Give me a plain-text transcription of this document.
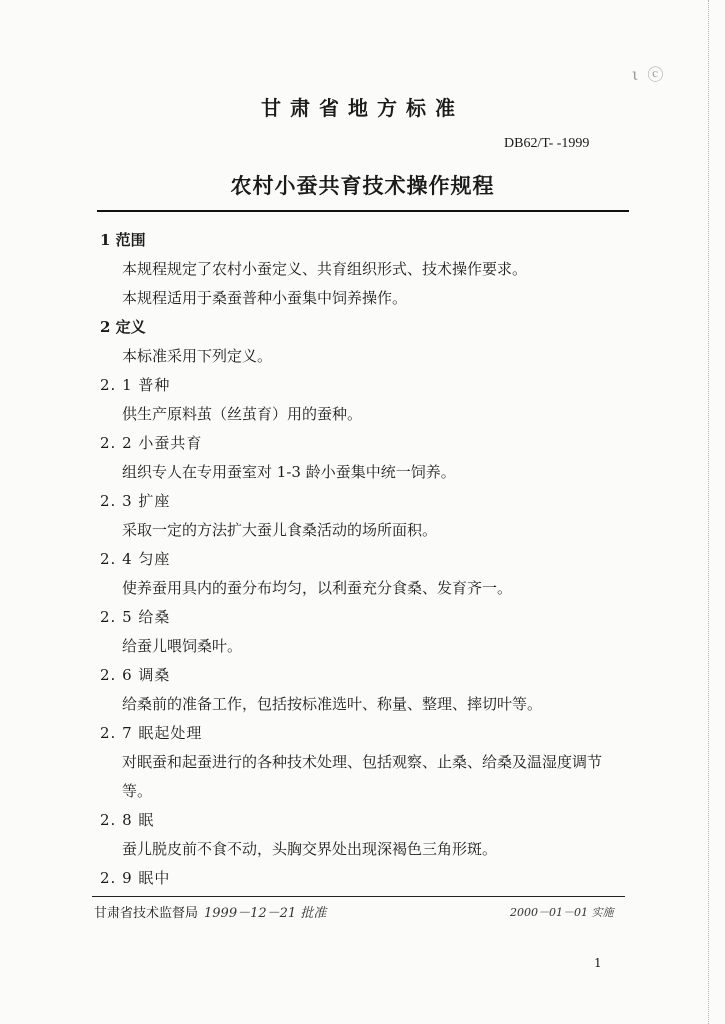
ι ⓒ
甘肃省地方标准
DB62/T- -1999
农村小蚕共育技术操作规程
1 范围
本规程规定了农村小蚕定义、共育组织形式、技术操作要求。
本规程适用于桑蚕普种小蚕集中饲养操作。
2 定义
本标准采用下列定义。
2. 1 普种
供生产原料茧（丝茧育）用的蚕种。
2. 2 小蚕共育
组织专人在专用蚕室对 1-3 龄小蚕集中统一饲养。
2. 3 扩座
采取一定的方法扩大蚕儿食桑活动的场所面积。
2. 4 匀座
使养蚕用具内的蚕分布均匀，以利蚕充分食桑、发育齐一。
2. 5 给桑
给蚕儿喂饲桑叶。
2. 6 调桑
给桑前的准备工作，包括按标准选叶、称量、整理、摔切叶等。
2. 7 眠起处理
对眠蚕和起蚕进行的各种技术处理、包括观察、止桑、给桑及温湿度调节等。
2. 8 眠
蚕儿脱皮前不食不动，头胸交界处出现深褐色三角形斑。
2. 9 眠中
甘肃省技术监督局 1999－12－21 批准	2000－01－01 实施
1
